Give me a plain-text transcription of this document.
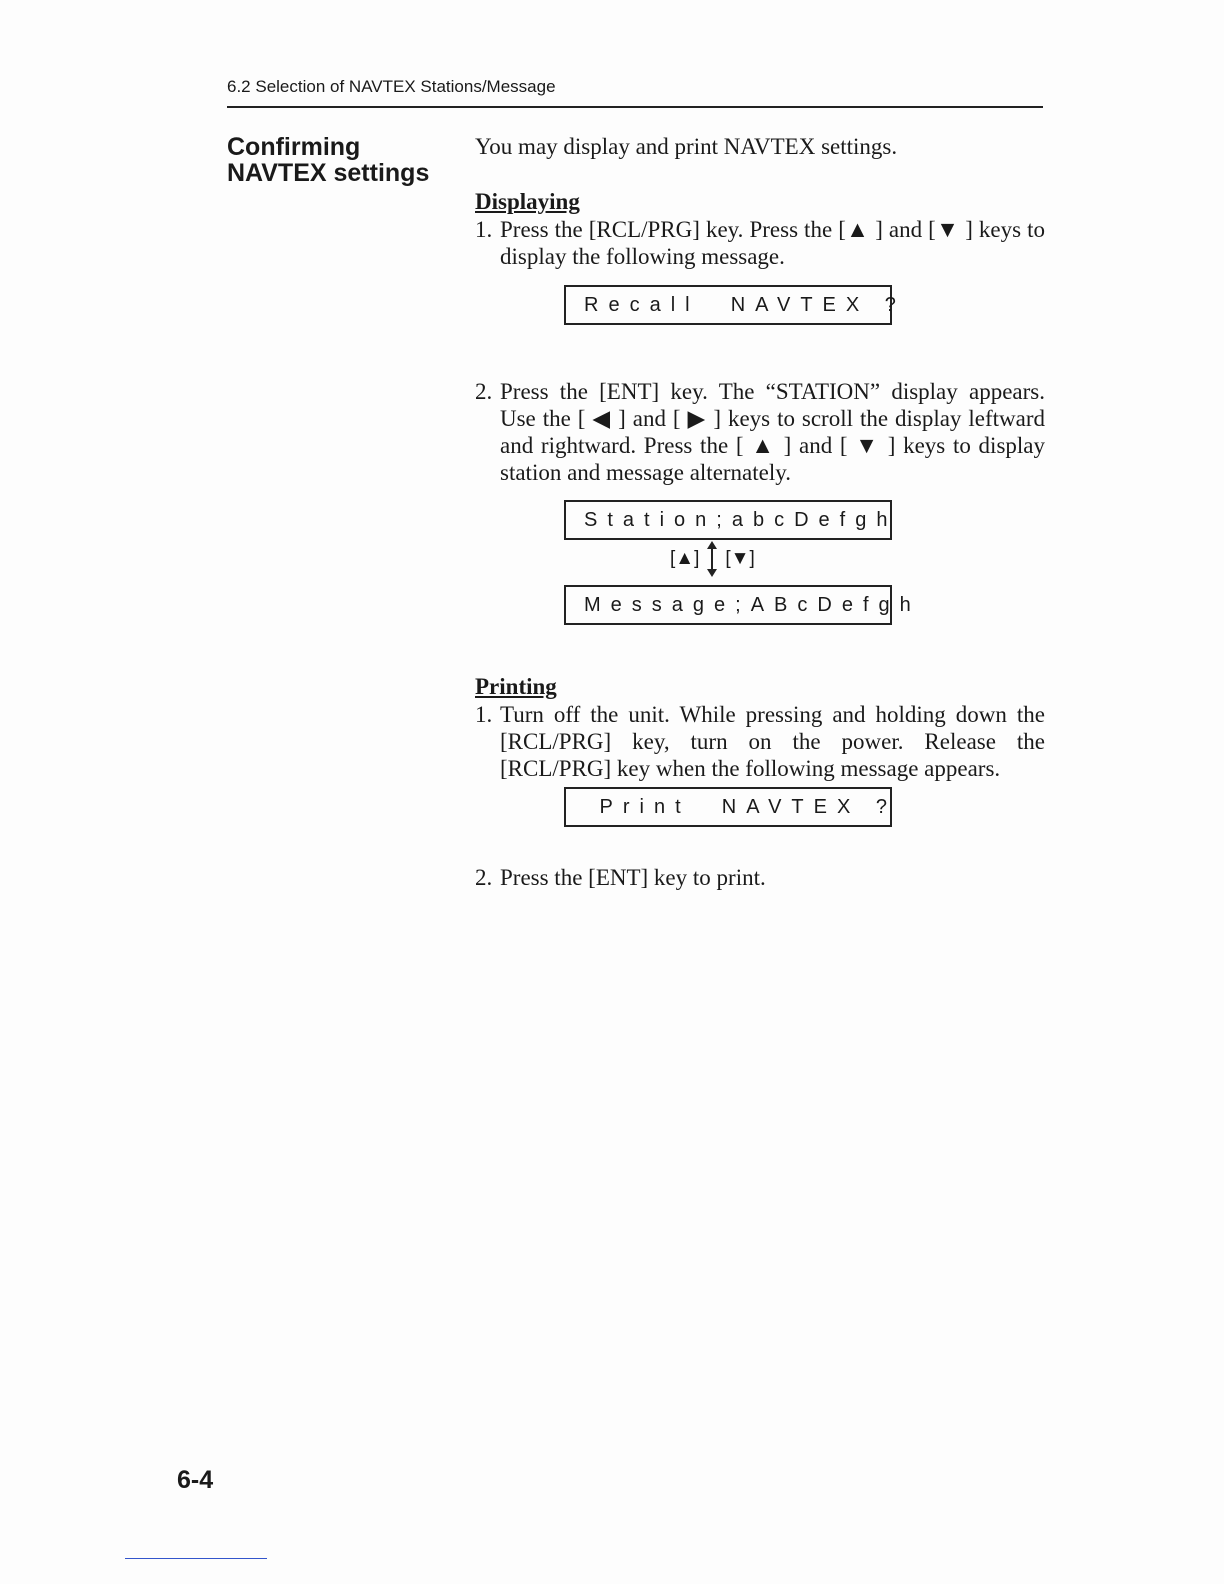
6.2 Selection of NAVTEX Stations/Message
Confirming
NAVTEX settings
You may display and print NAVTEX settings.
Displaying
1. Press the [RCL/PRG] key. Press the [▲ ] and [▼ ] keys to display the following message.
Recall  NAVTEX ?
2. Press the [ENT] key. The “STATION” display appears. Use the [ ◀ ] and [ ▶ ] keys to scroll the display leftward and rightward. Press the [ ▲ ] and [ ▼ ] keys to display station and message alternately.
Station;abcDefgh
[▲] [▼]
Message;ABcDefgh
Printing
1. Turn off the unit. While pressing and holding down the [RCL/PRG] key, turn on the power. Release the [RCL/PRG] key when the following message appears.
Print  NAVTEX ?
2. Press the [ENT] key to print.
6-4
